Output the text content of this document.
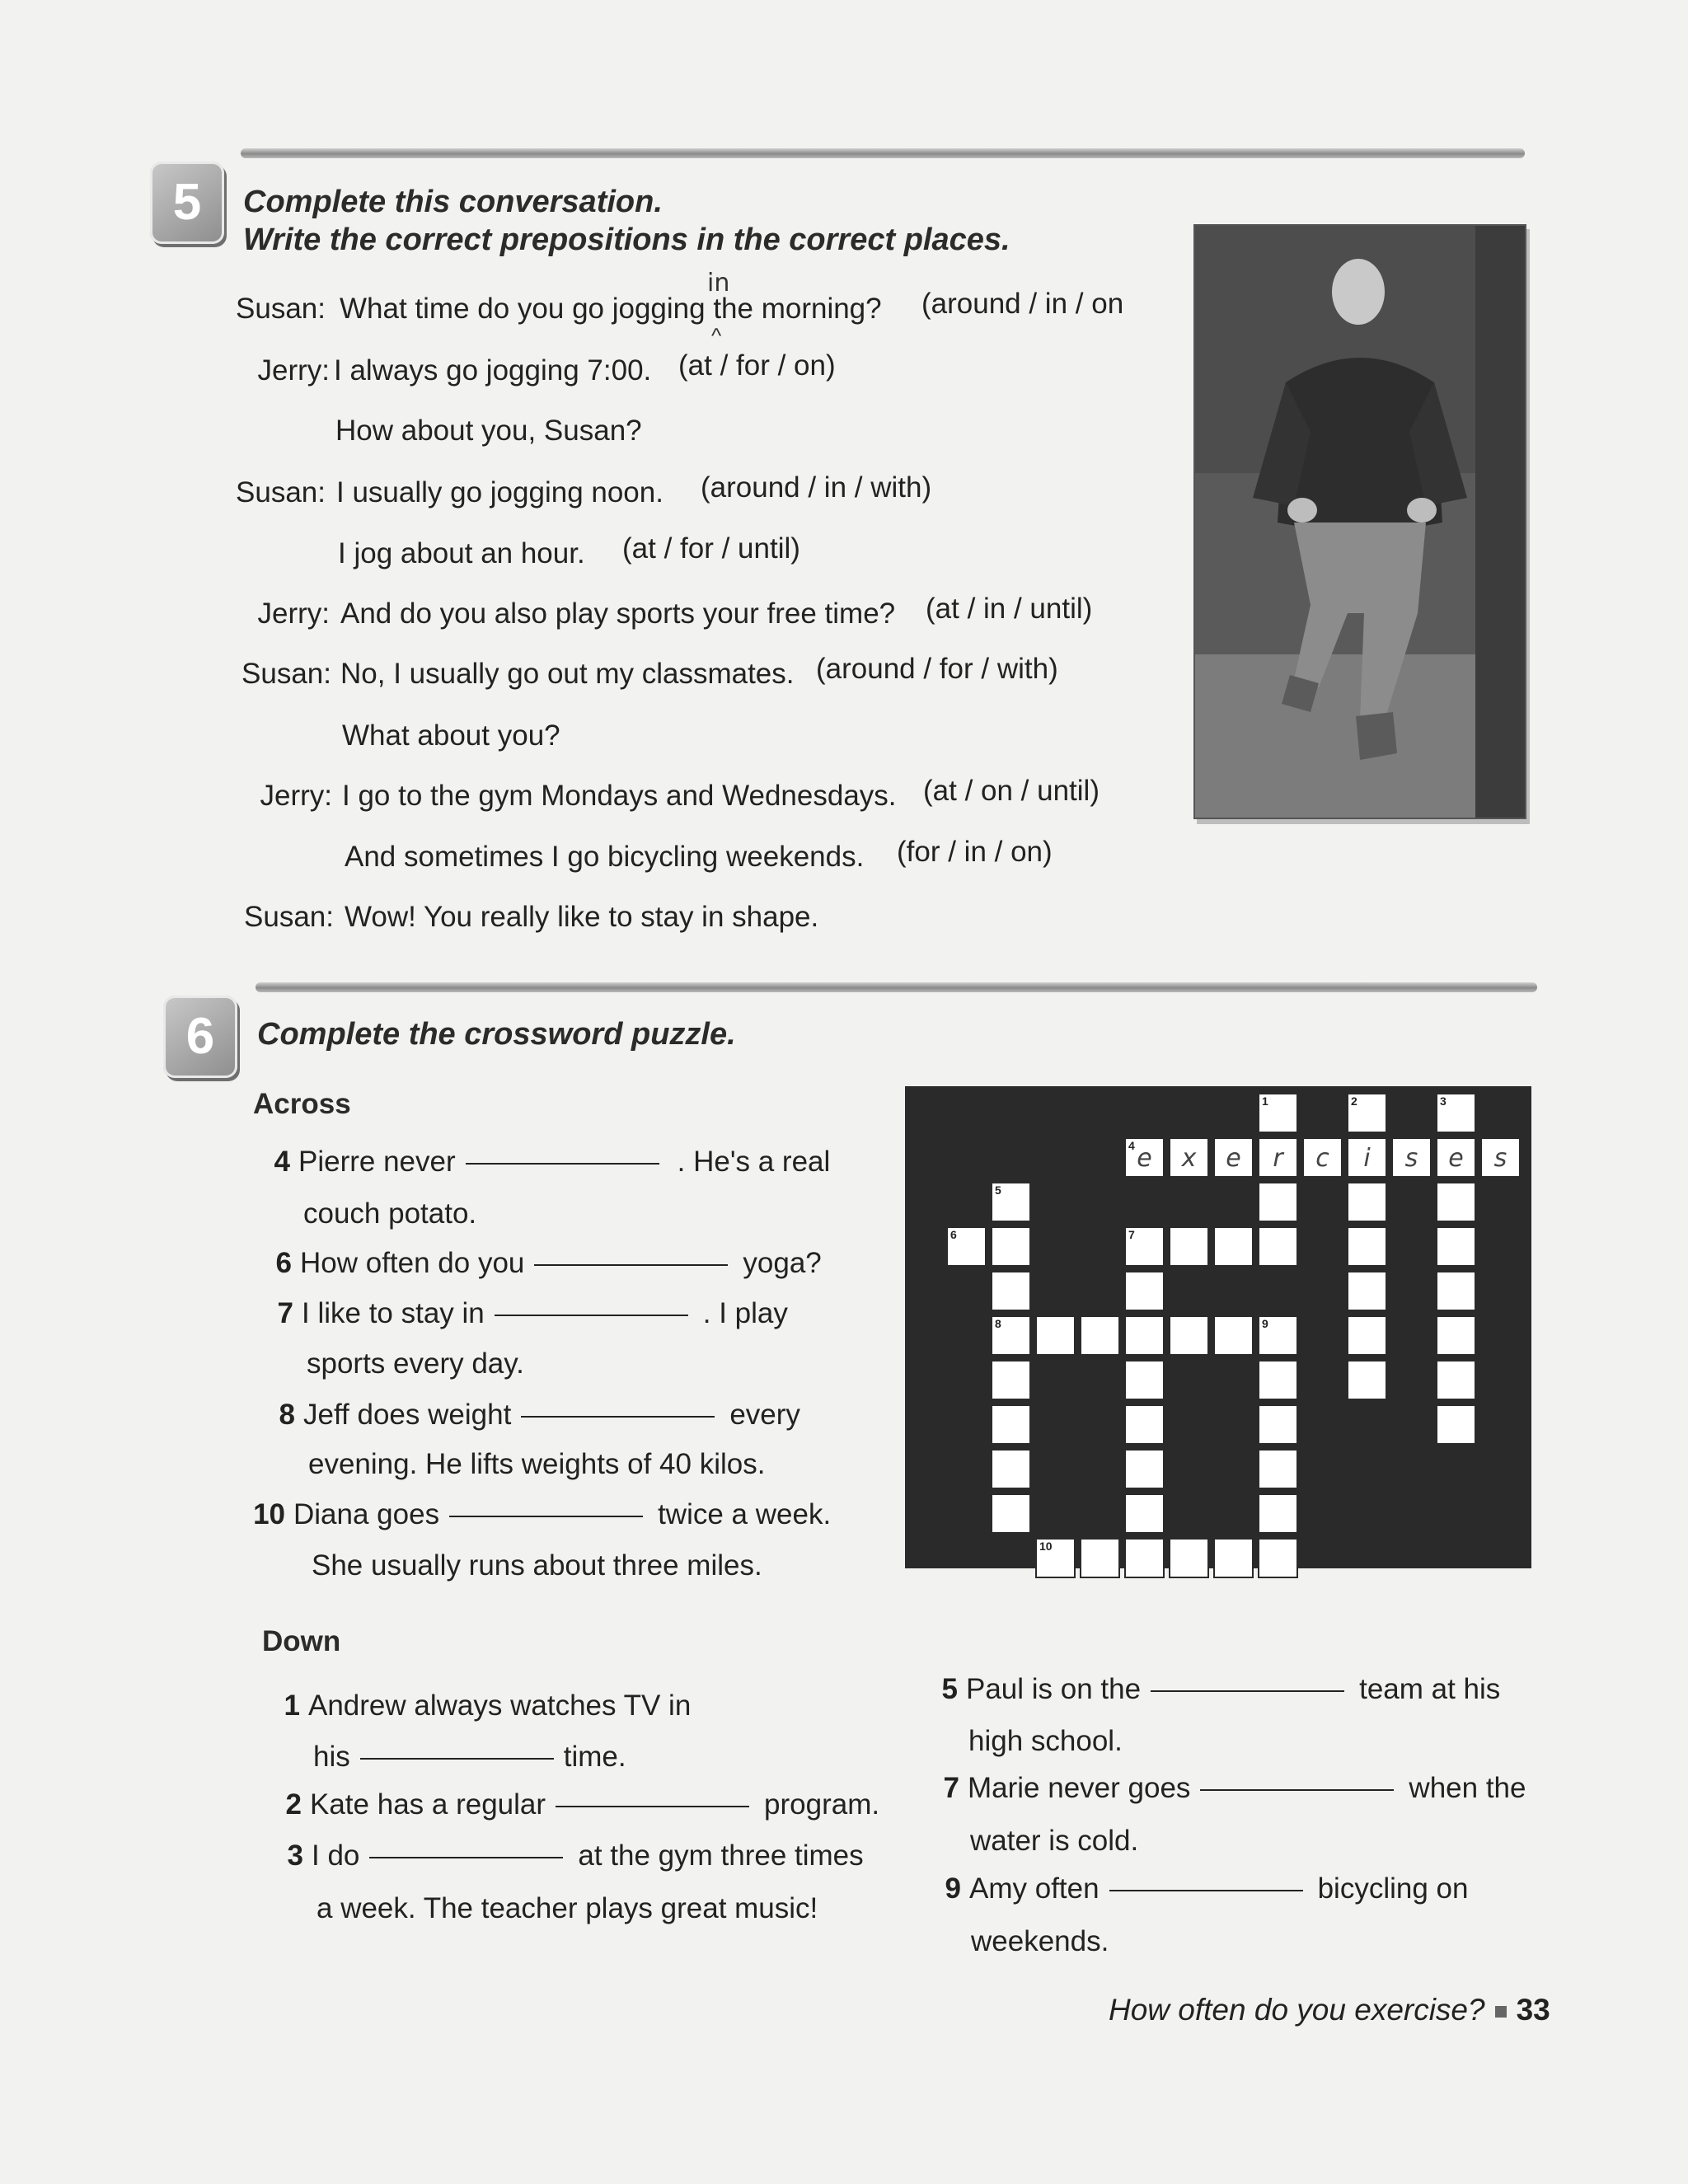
5	Complete this conversation.
Write the correct prepositions in the correct places.
in
^
Susan: What time do you go jogging the morning? (around / in / on
Jerry: I always go jogging 7:00. (at / for / on)
How about you, Susan?
Susan: I usually go jogging noon. (around / in / with)
I jog about an hour. (at / for / until)
Jerry: And do you also play sports your free time? (at / in / until)
Susan: No, I usually go out my classmates. (around / for / with)
What about you?
Jerry: I go to the gym Mondays and Wednesdays. (at / on / until)
And sometimes I go bicycling weekends. (for / in / on)
Susan: Wow! You really like to stay in shape.
6	Complete the crossword puzzle.
Across
4 Pierre never	. He's a real
couch potato.
6 How often do you	yoga?
7 I like to stay in	. I play
sports every day.
8 Jeff does weight	every
evening. He lifts weights of 40 kilos.
10 Diana goes	twice a week.
She usually runs about three miles.
Down
1 Andrew always watches TV in
his	time.
2 Kate has a regular	program.
3 I do	at the gym three times
a week. The teacher plays great music!
5 Paul is on the	team at his
high school.
7 Marie never goes	when the
water is cold.
9 Amy often	bicycling on
weekends.
4 e	x	e	r	c	i	s	e	s
1	2	3
5
8
6	7
9
10
How often do you exercise? 33
